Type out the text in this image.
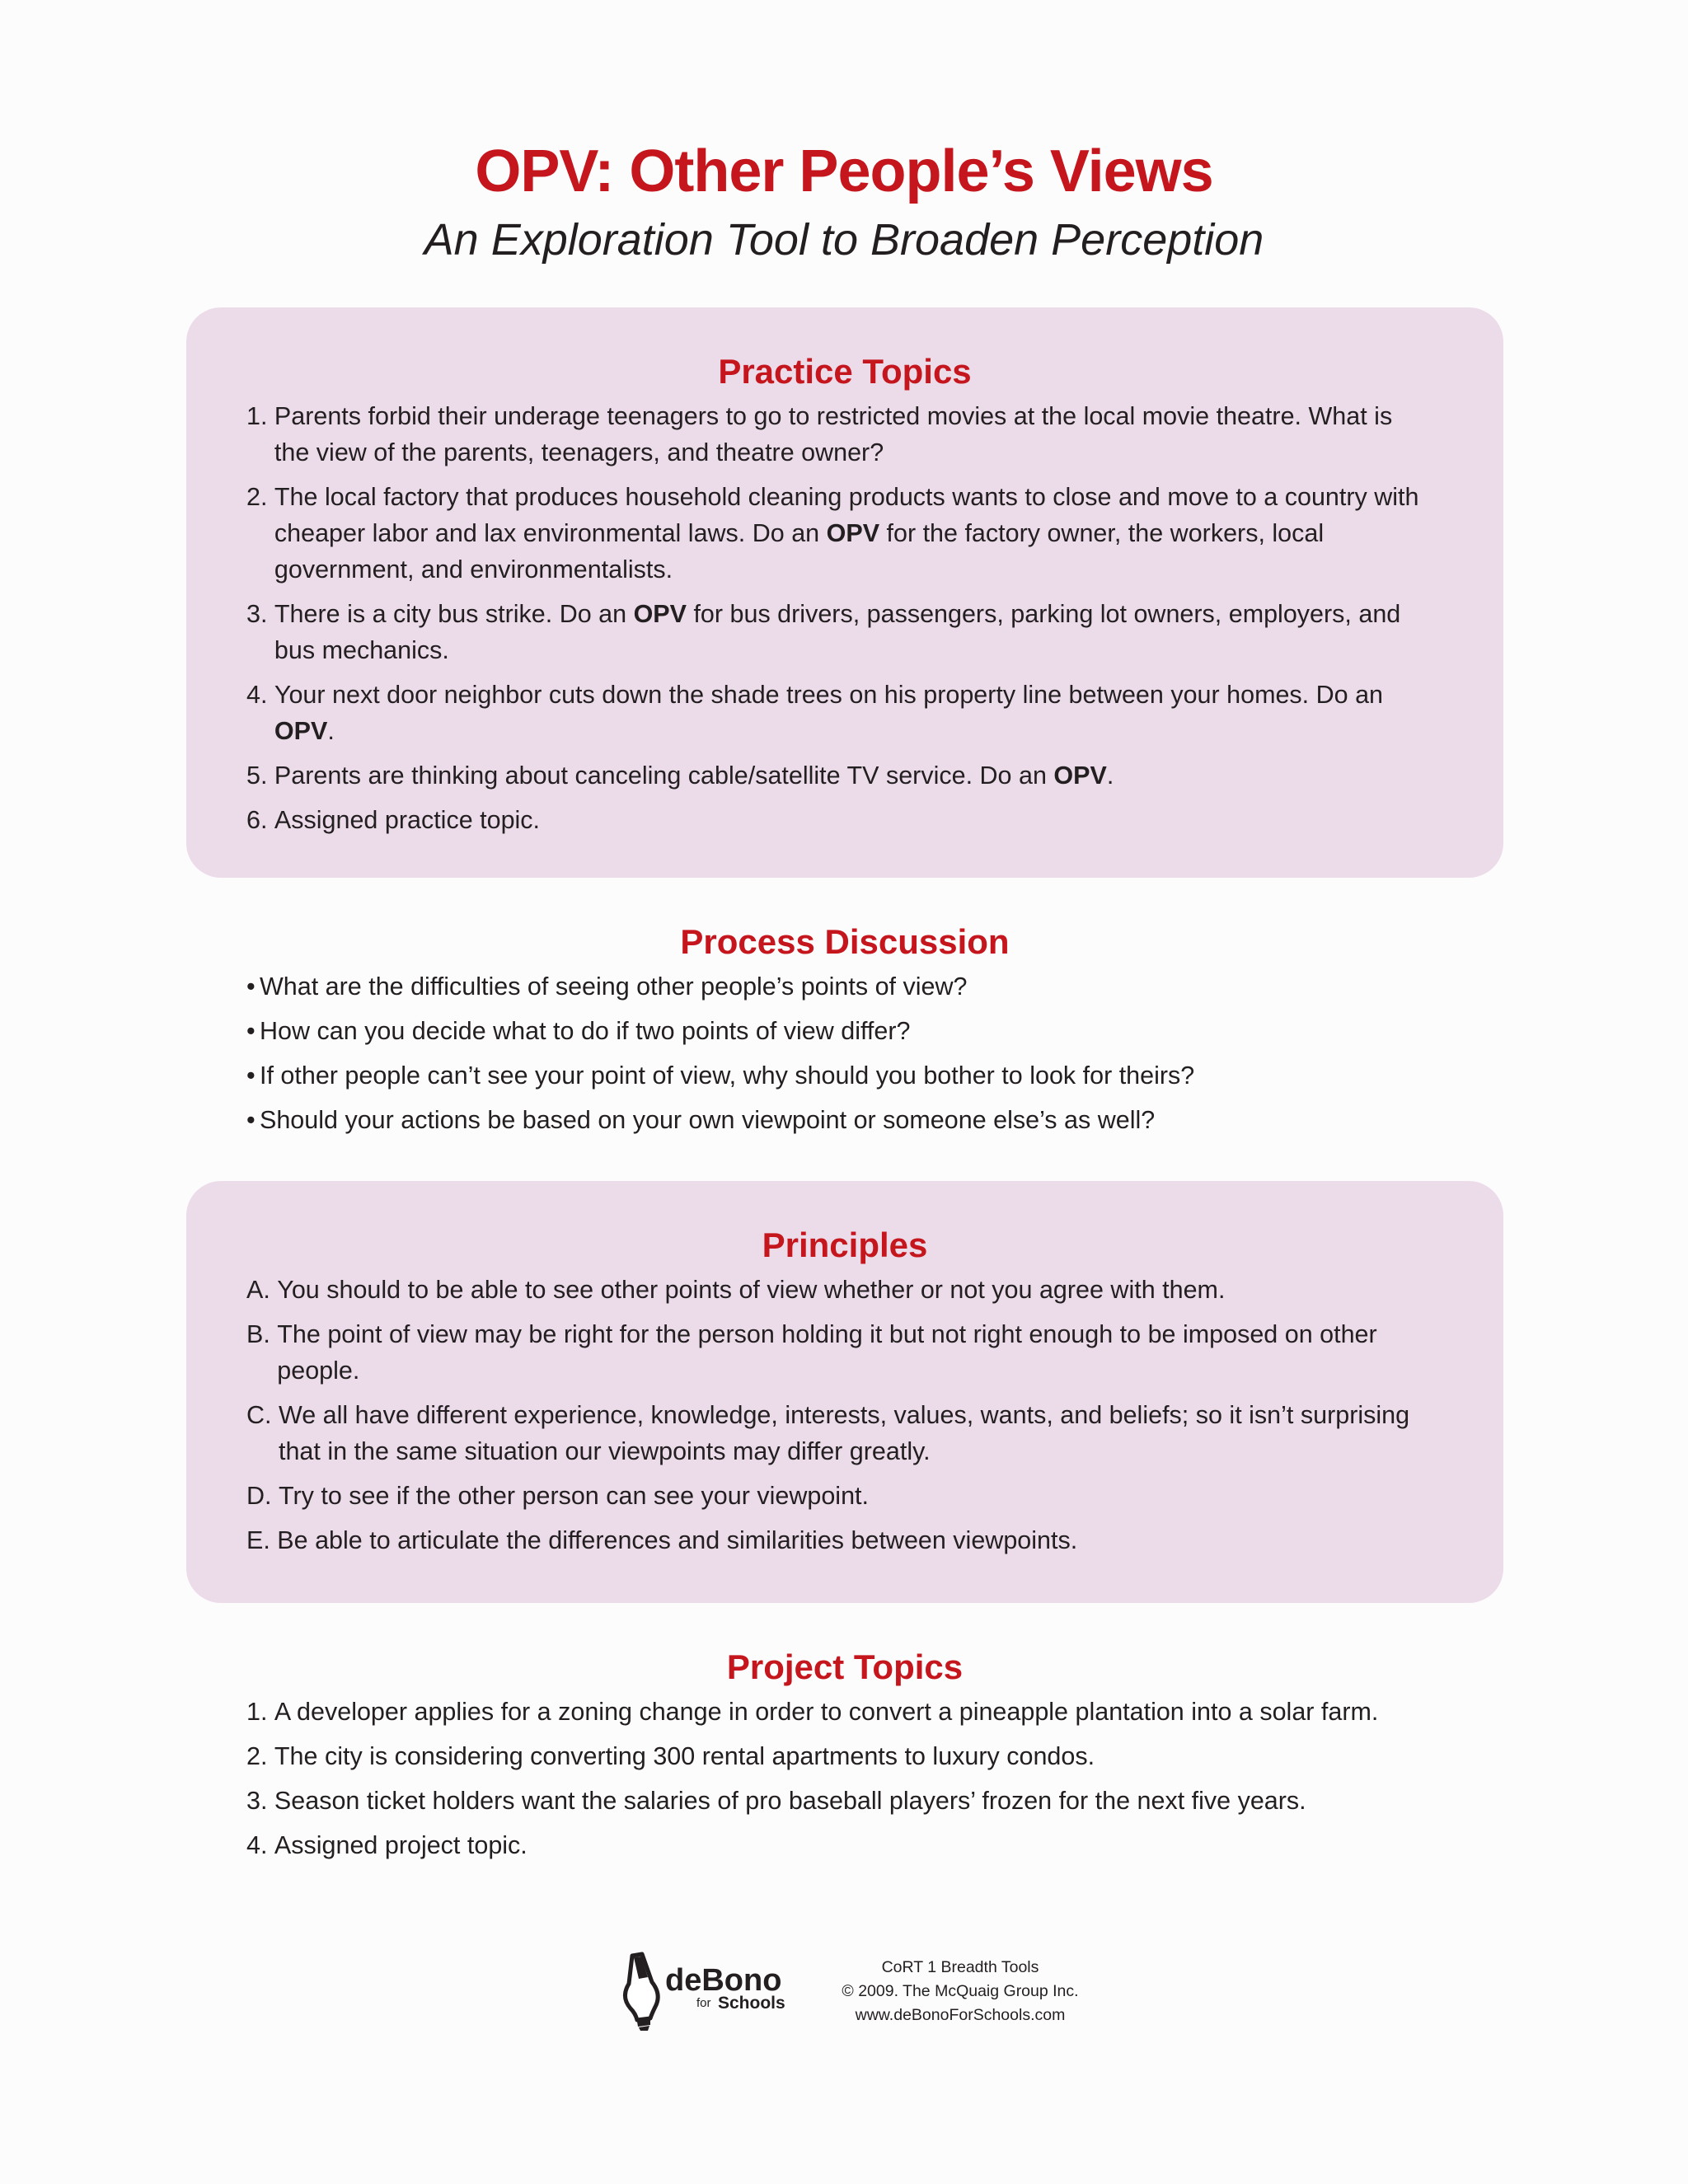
OPV: Other People’s Views

An Exploration Tool to Broaden Perception

Practice Topics
1. Parents forbid their underage teenagers to go to restricted movies at the local movie theatre. What is the view of the parents, teenagers, and theatre owner?
2. The local factory that produces household cleaning products wants to close and move to a country with cheaper labor and lax environmental laws. Do an OPV for the factory owner, the workers, local government, and environmentalists.
3. There is a city bus strike. Do an OPV for bus drivers, passengers, parking lot owners, employers, and bus mechanics.
4. Your next door neighbor cuts down the shade trees on his property line between your homes. Do an OPV.
5. Parents are thinking about canceling cable/satellite TV service. Do an OPV.
6. Assigned practice topic.
Process Discussion
•
What are the difficulties of seeing other people’s points of view?
•
How can you decide what to do if two points of view differ?
•
If other people can’t see your point of view, why should you bother to look for theirs?
•
Should your actions be based on your own viewpoint or someone else’s as well?
Principles
A. You should to be able to see other points of view whether or not you agree with them.
B. The point of view may be right for the person holding it but not right enough to be imposed on other people.
C. We all have different experience, knowledge, interests, values, wants, and beliefs; so it isn’t surprising that in the same situation our viewpoints may differ greatly.
D. Try to see if the other person can see your viewpoint.
E. Be able to articulate the differences and similarities between viewpoints.
Project Topics
1. A developer applies for a zoning change in order to convert a pineapple plantation into a solar farm.
2. The city is considering converting 300 rental apartments to luxury condos.
3. Season ticket holders want the salaries of pro baseball players’ frozen for the next five years.
4. Assigned project topic.
deBono
for Schools
CoRT 1 Breadth Tools
© 2009. The McQuaig Group Inc.
www.deBonoForSchools.com
